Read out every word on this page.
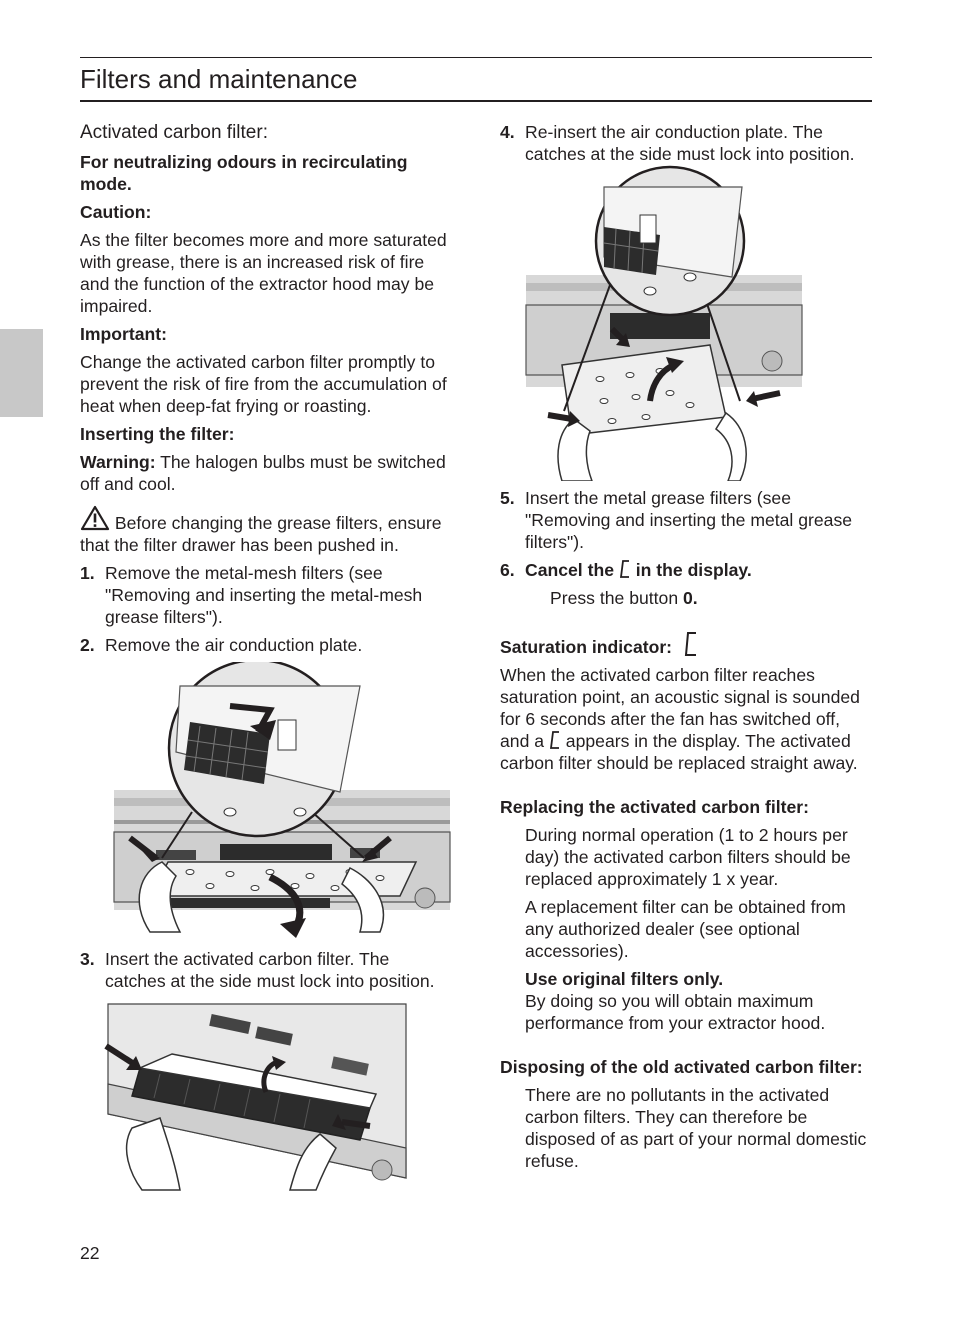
Filters and maintenance
Activated carbon filter:

For neutralizing odours in recirculating mode.

Caution:

As the filter becomes more and more saturated with grease, there is an increased risk of fire and the function of the extractor hood may be impaired.

Important:

Change the activated carbon filter promptly to prevent the risk of fire from the accumulation of heat when deep-fat frying or roasting.

Inserting the filter:

Warning: The halogen bulbs must be switched off and cool.

Before changing the grease filters, ensure that the filter drawer has been pushed in.

1. Remove the metal-mesh filters (see "Removing and inserting the metal-mesh grease filters").
2. Remove the air conduction plate.
3. Insert the activated carbon filter. The catches at the side must lock into position.
4. Re-insert the air conduction plate. The catches at the side must lock into position.
5. Insert the metal grease filters (see "Removing and inserting the metal grease filters").
6. Cancel the  in the display.

Press the button 0.

Saturation indicator:

When the activated carbon filter reaches saturation point, an acoustic signal is sounded for 6 seconds after the fan has switched off, and a  appears in the display. The activated carbon filter should be replaced straight away.

Replacing the activated carbon filter:

During normal operation (1 to 2 hours per day) the activated carbon filters should be replaced approximately 1 x year.

A replacement filter can be obtained from any authorized dealer (see optional accessories).

Use original filters only.

By doing so you will obtain maximum performance from your extractor hood.

Disposing of the old activated carbon filter:

There are no pollutants in the activated carbon filters. They can therefore be disposed of as part of your normal domestic refuse.

22
